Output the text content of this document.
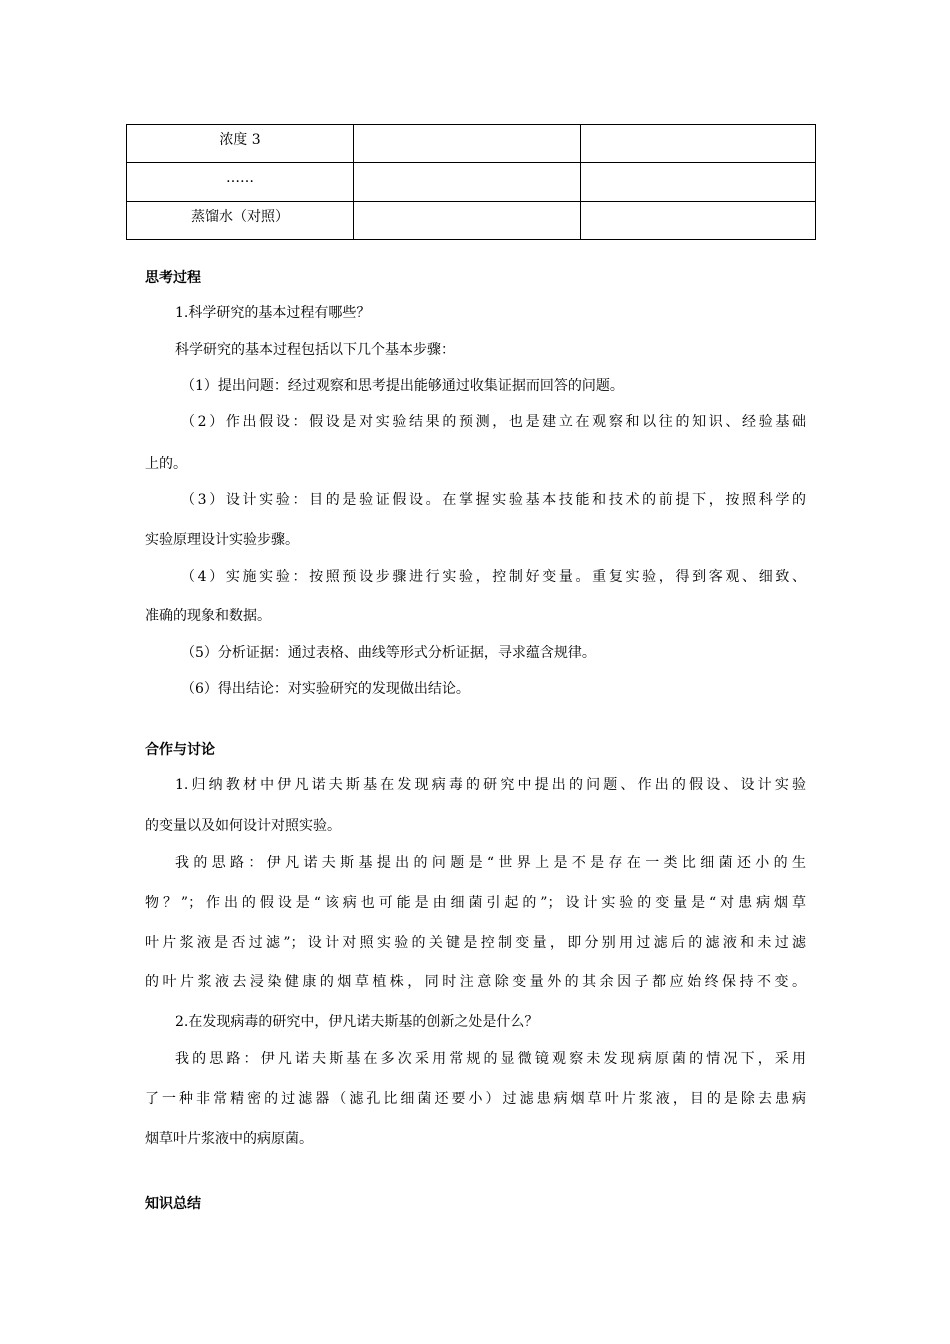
浓度 3		
……		
蒸馏水（对照）		
思考过程
1.科学研究的基本过程有哪些？
科学研究的基本过程包括以下几个基本步骤：
（1）提出问题：经过观察和思考提出能够通过收集证据而回答的问题。
（2）作出假设：假设是对实验结果的预测，也是建立在观察和以往的知识、经验基础
上的。
（3）设计实验：目的是验证假设。在掌握实验基本技能和技术的前提下，按照科学的
实验原理设计实验步骤。
（4）实施实验：按照预设步骤进行实验，控制好变量。重复实验，得到客观、细致、
准确的现象和数据。
（5）分析证据：通过表格、曲线等形式分析证据，寻求蕴含规律。
（6）得出结论：对实验研究的发现做出结论。
合作与讨论
1.归纳教材中伊凡诺夫斯基在发现病毒的研究中提出的问题、作出的假设、设计实验
的变量以及如何设计对照实验。
我的思路：伊凡诺夫斯基提出的问题是“世界上是不是存在一类比细菌还小的生
物？”；作出的假设是“该病也可能是由细菌引起的”；设计实验的变量是“对患病烟草
叶片浆液是否过滤”；设计对照实验的关键是控制变量，即分别用过滤后的滤液和未过滤
的叶片浆液去浸染健康的烟草植株，同时注意除变量外的其余因子都应始终保持不变。
2.在发现病毒的研究中，伊凡诺夫斯基的创新之处是什么？
我的思路：伊凡诺夫斯基在多次采用常规的显微镜观察未发现病原菌的情况下，采用
了一种非常精密的过滤器（滤孔比细菌还要小）过滤患病烟草叶片浆液，目的是除去患病
烟草叶片浆液中的病原菌。
知识总结
